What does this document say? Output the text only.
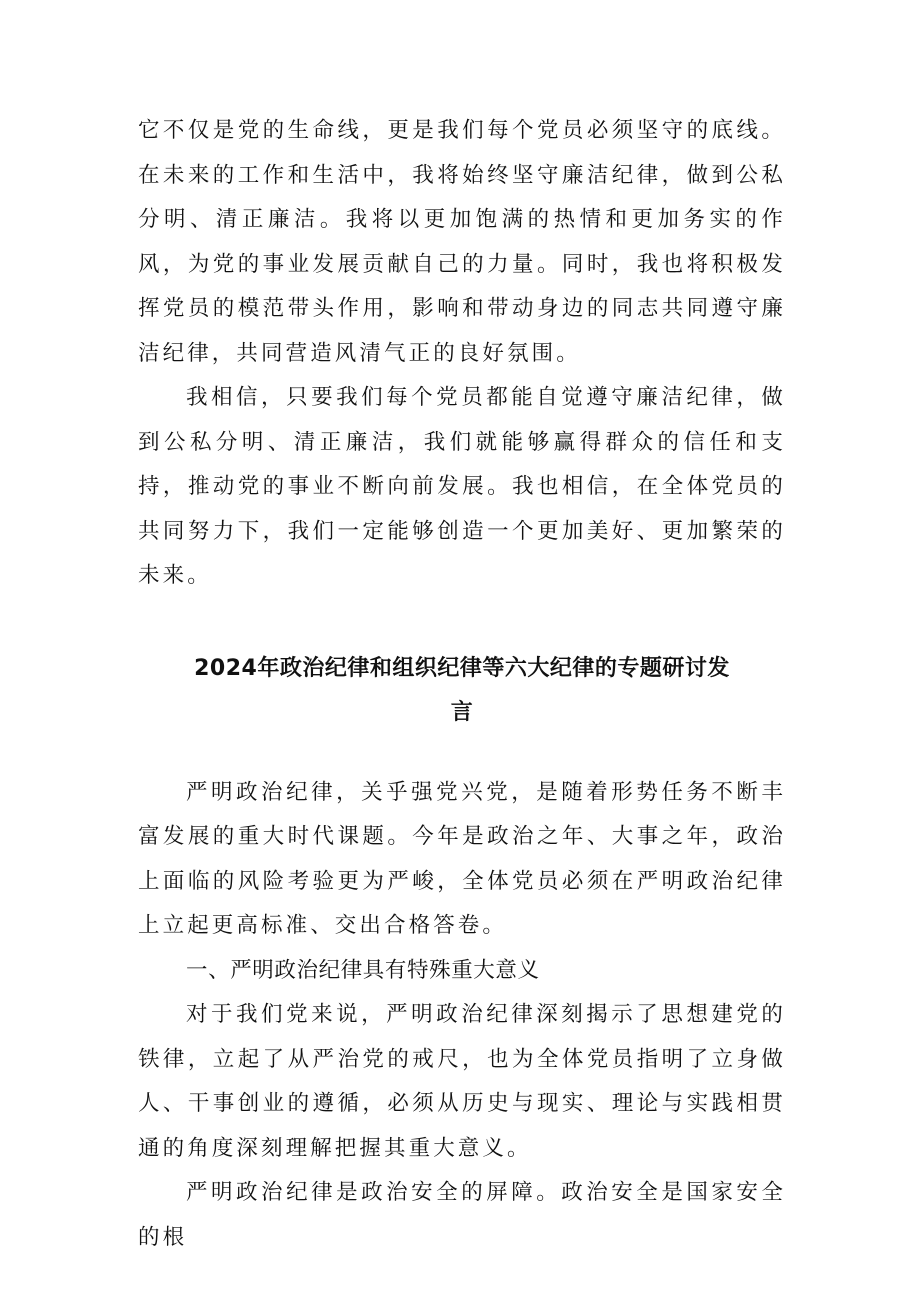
它不仅是党的生命线，更是我们每个党员必须坚守的底线。在未来的工作和生活中，我将始终坚守廉洁纪律，做到公私分明、清正廉洁。我将以更加饱满的热情和更加务实的作风，为党的事业发展贡献自己的力量。同时，我也将积极发挥党员的模范带头作用，影响和带动身边的同志共同遵守廉洁纪律，共同营造风清气正的良好氛围。

我相信，只要我们每个党员都能自觉遵守廉洁纪律，做到公私分明、清正廉洁，我们就能够赢得群众的信任和支持，推动党的事业不断向前发展。我也相信，在全体党员的共同努力下，我们一定能够创造一个更加美好、更加繁荣的未来。

2024年政治纪律和组织纪律等六大纪律的专题研讨发

言

严明政治纪律，关乎强党兴党，是随着形势任务不断丰富发展的重大时代课题。今年是政治之年、大事之年，政治上面临的风险考验更为严峻，全体党员必须在严明政治纪律上立起更高标准、交出合格答卷。

一、严明政治纪律具有特殊重大意义

对于我们党来说，严明政治纪律深刻揭示了思想建党的铁律，立起了从严治党的戒尺，也为全体党员指明了立身做人、干事创业的遵循，必须从历史与现实、理论与实践相贯通的角度深刻理解把握其重大意义。

严明政治纪律是政治安全的屏障。政治安全是国家安全的根
